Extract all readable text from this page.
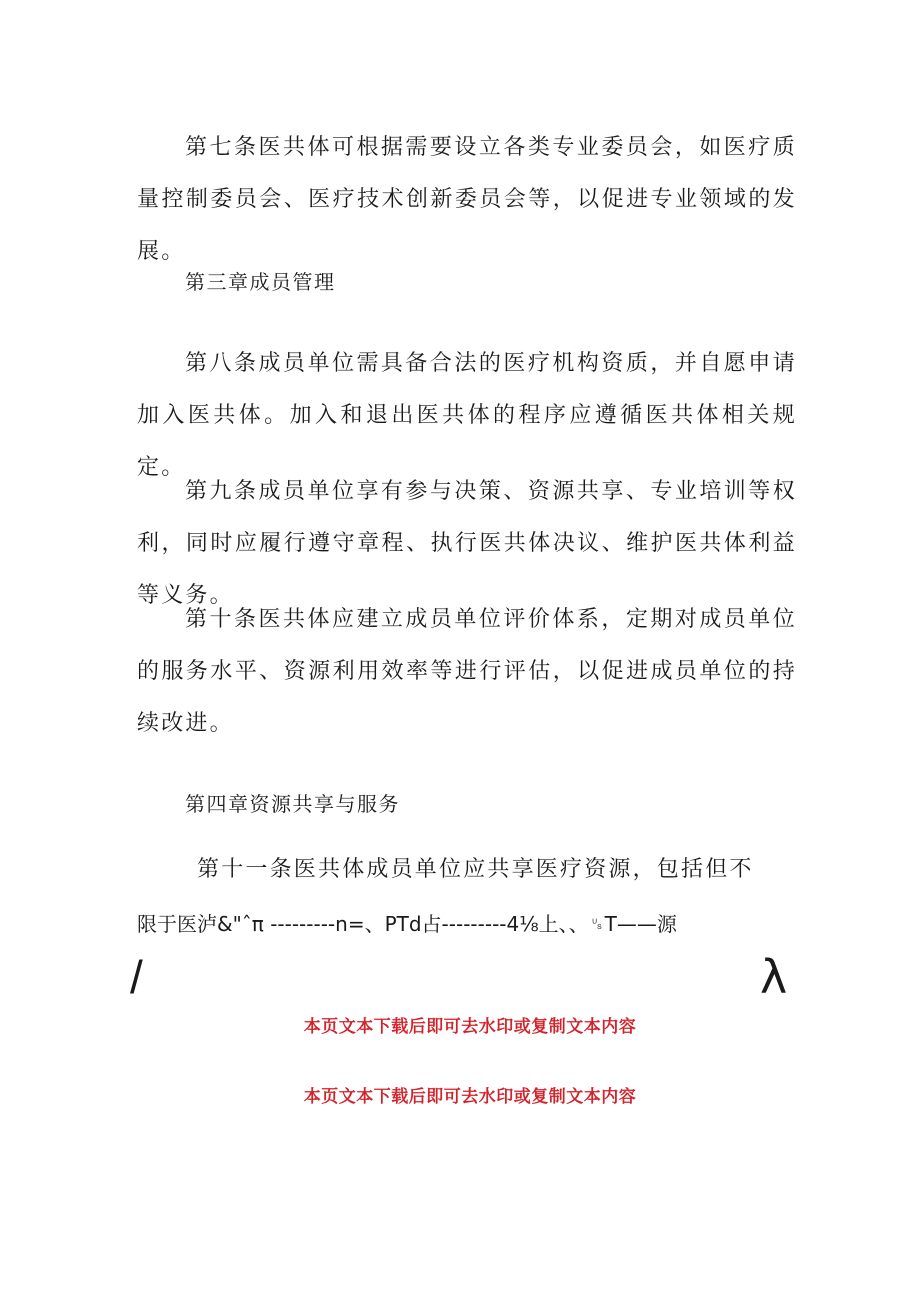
第七条医共体可根据需要设立各类专业委员会，如医疗质量控制委员会、医疗技术创新委员会等，以促进专业领域的发展。

第三章成员管理

第八条成员单位需具备合法的医疗机构资质，并自愿申请加入医共体。加入和退出医共体的程序应遵循医共体相关规定。

第九条成员单位享有参与决策、资源共享、专业培训等权利，同时应履行遵守章程、执行医共体决议、维护医共体利益等义务。

第十条医共体应建立成员单位评价体系，定期对成员单位的服务水平、资源利用效率等进行评估，以促进成员单位的持续改进。

第四章资源共享与服务

第十一条医共体成员单位应共享医疗资源，包括但不

限于医泸&"ˆπ ---------n=、PTd占---------4⅛上、、␟T——源

/	λ
本页文本下载后即可去水印或复制文本内容
本页文本下载后即可去水印或复制文本内容
